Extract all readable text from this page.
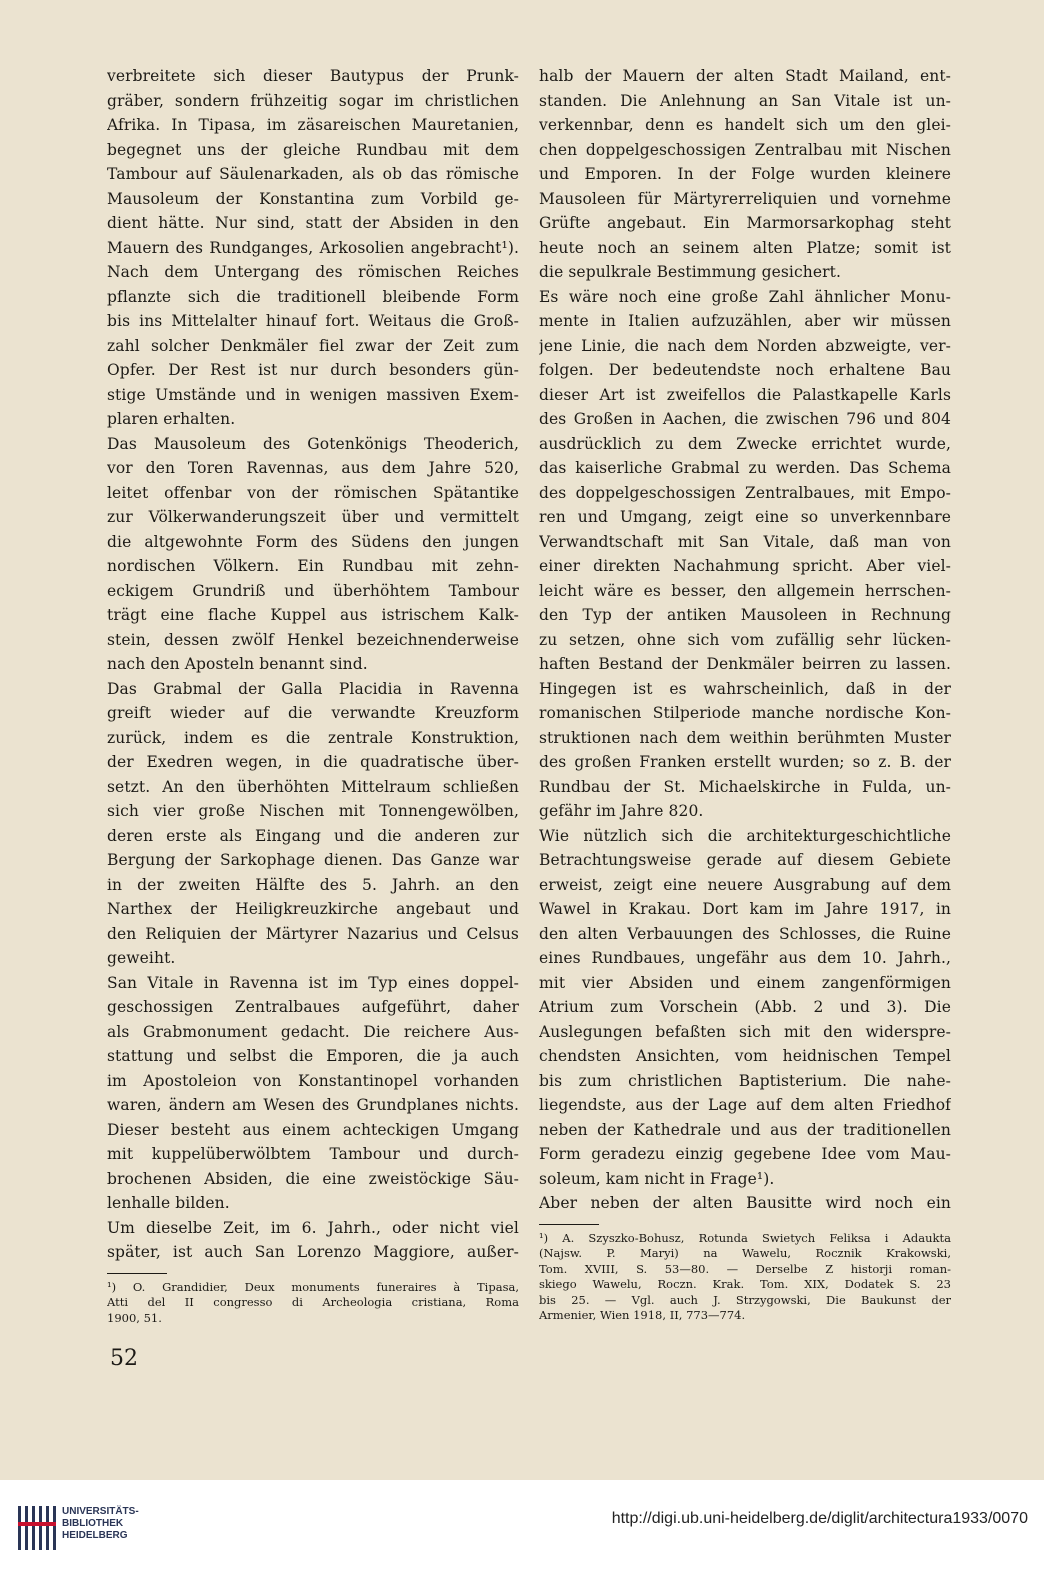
verbreitete sich dieser Bautypus der Prunk-
gräber, sondern frühzeitig sogar im christlichen
Afrika. In Tipasa, im zäsareischen Mauretanien,
begegnet uns der gleiche Rundbau mit dem
Tambour auf Säulenarkaden, als ob das römische
Mausoleum der Konstantina zum Vorbild ge-
dient hätte. Nur sind, statt der Absiden in den
Mauern des Rundganges, Arkosolien angebracht¹).
Nach dem Untergang des römischen Reiches
pflanzte sich die traditionell bleibende Form
bis ins Mittelalter hinauf fort. Weitaus die Groß-
zahl solcher Denkmäler fiel zwar der Zeit zum
Opfer. Der Rest ist nur durch besonders gün-
stige Umstände und in wenigen massiven Exem-
plaren erhalten.
Das Mausoleum des Gotenkönigs Theoderich,
vor den Toren Ravennas, aus dem Jahre 520,
leitet offenbar von der römischen Spätantike
zur Völkerwanderungszeit über und vermittelt
die altgewohnte Form des Südens den jungen
nordischen Völkern. Ein Rundbau mit zehn-
eckigem Grundriß und überhöhtem Tambour
trägt eine flache Kuppel aus istrischem Kalk-
stein, dessen zwölf Henkel bezeichnenderweise
nach den Aposteln benannt sind.
Das Grabmal der Galla Placidia in Ravenna
greift wieder auf die verwandte Kreuzform
zurück, indem es die zentrale Konstruktion,
der Exedren wegen, in die quadratische über-
setzt. An den überhöhten Mittelraum schließen
sich vier große Nischen mit Tonnengewölben,
deren erste als Eingang und die anderen zur
Bergung der Sarkophage dienen. Das Ganze war
in der zweiten Hälfte des 5. Jahrh. an den
Narthex der Heiligkreuzkirche angebaut und
den Reliquien der Märtyrer Nazarius und Celsus
geweiht.
San Vitale in Ravenna ist im Typ eines doppel-
geschossigen Zentralbaues aufgeführt, daher
als Grabmonument gedacht. Die reichere Aus-
stattung und selbst die Emporen, die ja auch
im Apostoleion von Konstantinopel vorhanden
waren, ändern am Wesen des Grundplanes nichts.
Dieser besteht aus einem achteckigen Umgang
mit kuppelüberwölbtem Tambour und durch-
brochenen Absiden, die eine zweistöckige Säu-
lenhalle bilden.
Um dieselbe Zeit, im 6. Jahrh., oder nicht viel
später, ist auch San Lorenzo Maggiore, außer-
¹) O. Grandidier, Deux monuments funeraires à Tipasa,
Atti del II congresso di Archeologia cristiana, Roma
1900, 51.
halb der Mauern der alten Stadt Mailand, ent-
standen. Die Anlehnung an San Vitale ist un-
verkennbar, denn es handelt sich um den glei-
chen doppelgeschossigen Zentralbau mit Nischen
und Emporen. In der Folge wurden kleinere
Mausoleen für Märtyrerreliquien und vornehme
Grüfte angebaut. Ein Marmorsarkophag steht
heute noch an seinem alten Platze; somit ist
die sepulkrale Bestimmung gesichert.
Es wäre noch eine große Zahl ähnlicher Monu-
mente in Italien aufzuzählen, aber wir müssen
jene Linie, die nach dem Norden abzweigte, ver-
folgen. Der bedeutendste noch erhaltene Bau
dieser Art ist zweifellos die Palastkapelle Karls
des Großen in Aachen, die zwischen 796 und 804
ausdrücklich zu dem Zwecke errichtet wurde,
das kaiserliche Grabmal zu werden. Das Schema
des doppelgeschossigen Zentralbaues, mit Empo-
ren und Umgang, zeigt eine so unverkennbare
Verwandtschaft mit San Vitale, daß man von
einer direkten Nachahmung spricht. Aber viel-
leicht wäre es besser, den allgemein herrschen-
den Typ der antiken Mausoleen in Rechnung
zu setzen, ohne sich vom zufällig sehr lücken-
haften Bestand der Denkmäler beirren zu lassen.
Hingegen ist es wahrscheinlich, daß in der
romanischen Stilperiode manche nordische Kon-
struktionen nach dem weithin berühmten Muster
des großen Franken erstellt wurden; so z. B. der
Rundbau der St. Michaelskirche in Fulda, un-
gefähr im Jahre 820.
Wie nützlich sich die architekturgeschichtliche
Betrachtungsweise gerade auf diesem Gebiete
erweist, zeigt eine neuere Ausgrabung auf dem
Wawel in Krakau. Dort kam im Jahre 1917, in
den alten Verbauungen des Schlosses, die Ruine
eines Rundbaues, ungefähr aus dem 10. Jahrh.,
mit vier Absiden und einem zangenförmigen
Atrium zum Vorschein (Abb. 2 und 3). Die
Auslegungen befaßten sich mit den widerspre-
chendsten Ansichten, vom heidnischen Tempel
bis zum christlichen Baptisterium. Die nahe-
liegendste, aus der Lage auf dem alten Friedhof
neben der Kathedrale und aus der traditionellen
Form geradezu einzig gegebene Idee vom Mau-
soleum, kam nicht in Frage¹).
Aber neben der alten Bausitte wird noch ein
¹) A. Szyszko-Bohusz, Rotunda Swietych Feliksa i Adaukta
(Najsw. P. Maryi) na Wawelu, Rocznik Krakowski,
Tom. XVIII, S. 53—80. — Derselbe Z historji roman-
skiego Wawelu, Roczn. Krak. Tom. XIX, Dodatek S. 23
bis 25. — Vgl. auch J. Strzygowski, Die Baukunst der
Armenier, Wien 1918, II, 773—774.
52
UNIVERSITÄTS-
BIBLIOTHEK
HEIDELBERG
http://digi.ub.uni-heidelberg.de/diglit/architectura1933/0070
